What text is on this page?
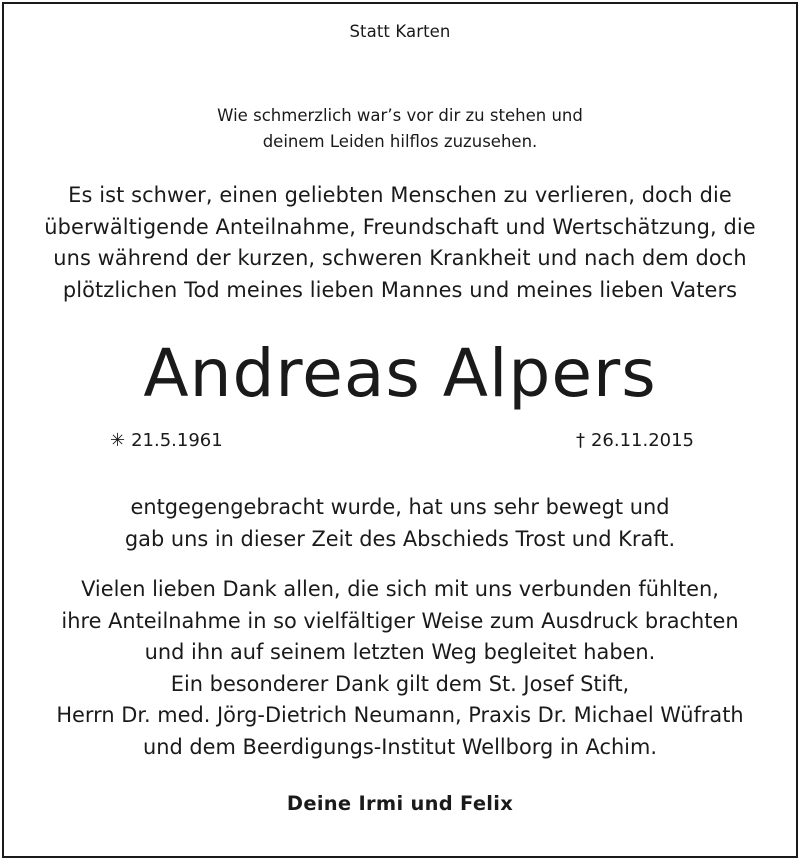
Statt Karten

Wie schmerzlich war’s vor dir zu stehen und
deinem Leiden hilflos zuzusehen.
Es ist schwer, einen geliebten Menschen zu verlieren, doch die
überwältigende Anteilnahme, Freundschaft und Wertschätzung, die
uns während der kurzen, schweren Krankheit und nach dem doch
plötzlichen Tod meines lieben Mannes und meines lieben Vaters

Andreas Alpers

✳ 21.5.1961	† 26.11.2015
entgegengebracht wurde, hat uns sehr bewegt und
gab uns in dieser Zeit des Abschieds Trost und Kraft.
Vielen lieben Dank allen, die sich mit uns verbunden fühlten,
ihre Anteilnahme in so vielfältiger Weise zum Ausdruck brachten
und ihn auf seinem letzten Weg begleitet haben.
Ein besonderer Dank gilt dem St. Josef Stift,
Herrn Dr. med. Jörg-Dietrich Neumann, Praxis Dr. Michael Wüfrath
und dem Beerdigungs-Institut Wellborg in Achim.

Deine Irmi und Felix
